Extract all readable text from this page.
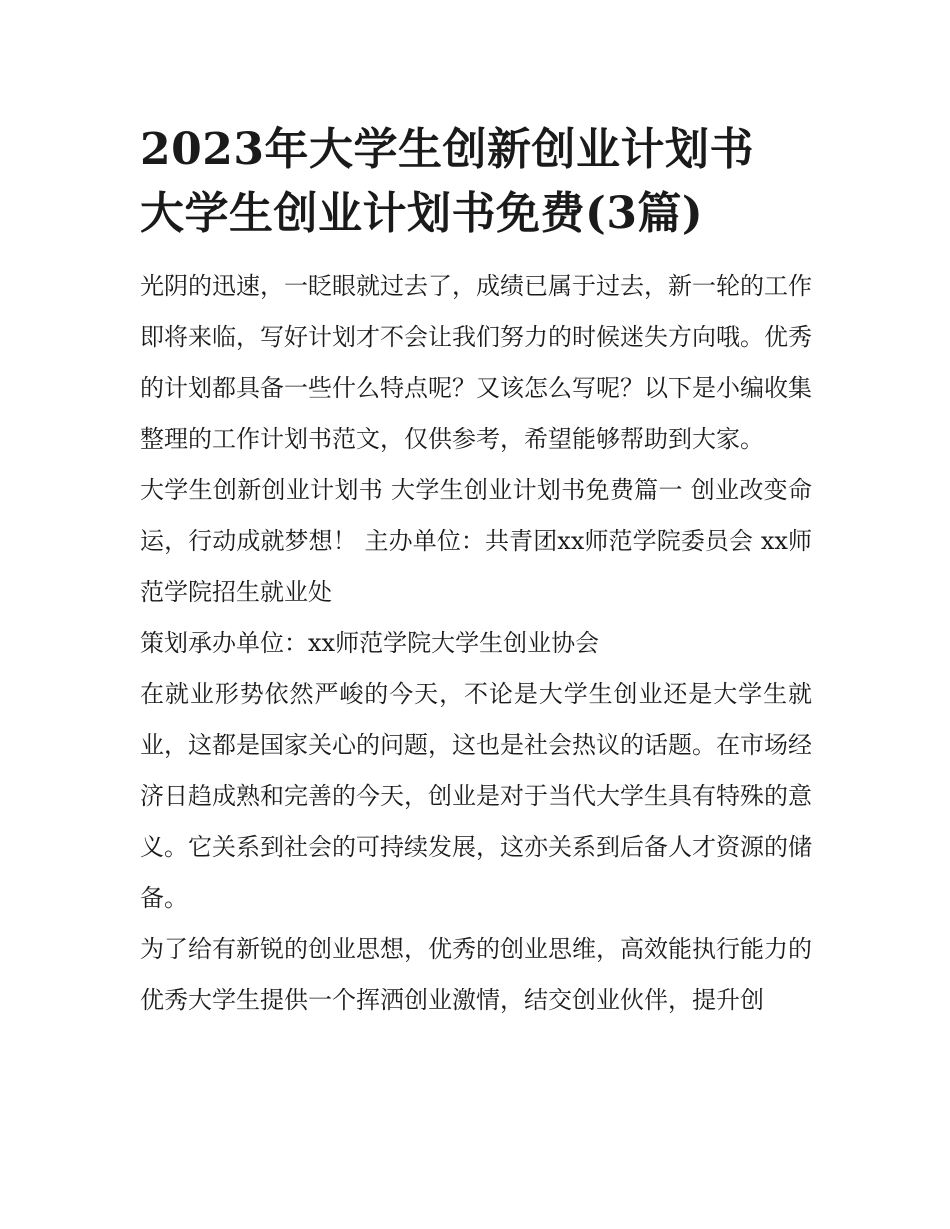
2023年大学生创新创业计划书
大学生创业计划书免费(3篇)

光阴的迅速，一眨眼就过去了，成绩已属于过去，新一轮的工作即将来临，写好计划才不会让我们努力的时候迷失方向哦。优秀的计划都具备一些什么特点呢？又该怎么写呢？以下是小编收集整理的工作计划书范文，仅供参考，希望能够帮助到大家。

大学生创新创业计划书 大学生创业计划书免费篇一 创业改变命运，行动成就梦想！ 主办单位：共青团xx师范学院委员会 xx师范学院招生就业处

策划承办单位：xx师范学院大学生创业协会

在就业形势依然严峻的今天，不论是大学生创业还是大学生就业，这都是国家关心的问题，这也是社会热议的话题。在市场经济日趋成熟和完善的今天，创业是对于当代大学生具有特殊的意义。它关系到社会的可持续发展，这亦关系到后备人才资源的储备。

为了给有新锐的创业思想，优秀的创业思维，高效能执行能力的优秀大学生提供一个挥洒创业激情，结交创业伙伴，提升创
